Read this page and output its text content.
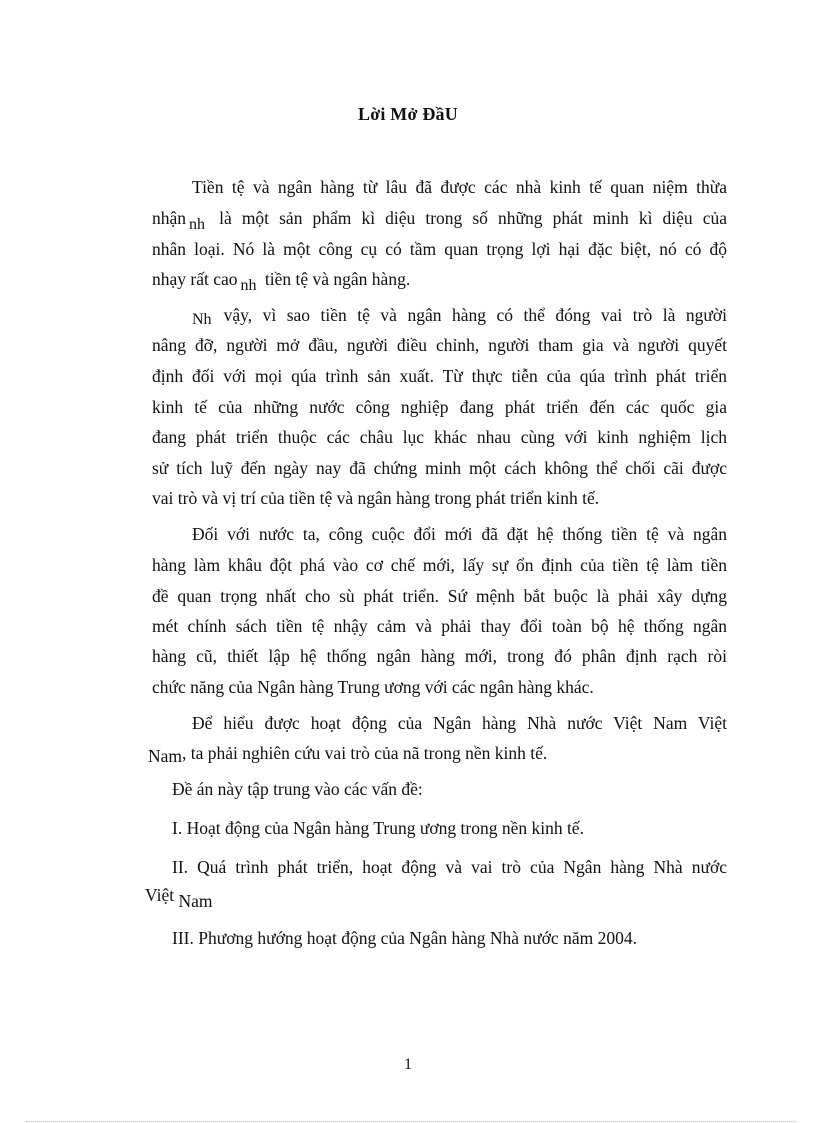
Lời Mở ĐầU
Tiền tệ và ngân hàng từ lâu đã được các nhà kinh tế quan niệm thừa
nhận nh là một sản phẩm kì diệu trong số những phát minh kì diệu của
nhân loại. Nó là một công cụ có tầm quan trọng lợi hại đặc biệt, nó có độ
nhạy rất cao nh tiền tệ và ngân hàng.
Nh vậy, vì sao tiền tệ và ngân hàng có thể đóng vai trò là người
nâng đỡ, người mở đầu, người điều chỉnh, người tham gia và người quyết
định đối với mọi qúa trình sản xuất. Từ thực tiễn của qúa trình phát triển
kinh tế của những nước công nghiệp đang phát triển đến các quốc gia
đang phát triển thuộc các châu lục khác nhau cùng với kinh nghiệm lịch
sử tích luỹ đến ngày nay đã chứng minh một cách không thể chối cãi được
vai trò và vị trí của tiền tệ và ngân hàng trong phát triển kinh tế.
Đối với nước ta, công cuộc đổi mới đã đặt hệ thống tiền tệ và ngân
hàng làm khâu đột phá vào cơ chế mới, lấy sự ổn định của tiền tệ làm tiền
đề quan trọng nhất cho sù phát triển. Sứ mệnh bắt buộc là phải xây dựng
mét chính sách tiền tệ nhậy cảm và phải thay đổi toàn bộ hệ thống ngân
hàng cũ, thiết lập hệ thống ngân hàng mới, trong đó phân định rạch ròi
chức năng của Ngân hàng Trung ương với các ngân hàng khác.
Để hiểu được hoạt động của Ngân hàng Nhà nước Việt Nam Việt
Nam, ta phải nghiên cứu vai trò của nã trong nền kinh tế.
Đề án này tập trung vào các vấn đề:
I. Hoạt động của Ngân hàng Trung ương trong nền kinh tế.
II. Quá trình phát triển, hoạt động và vai trò của Ngân hàng Nhà nước
Việt Nam
III. Phương hướng hoạt động của Ngân hàng Nhà nước năm 2004.
1
